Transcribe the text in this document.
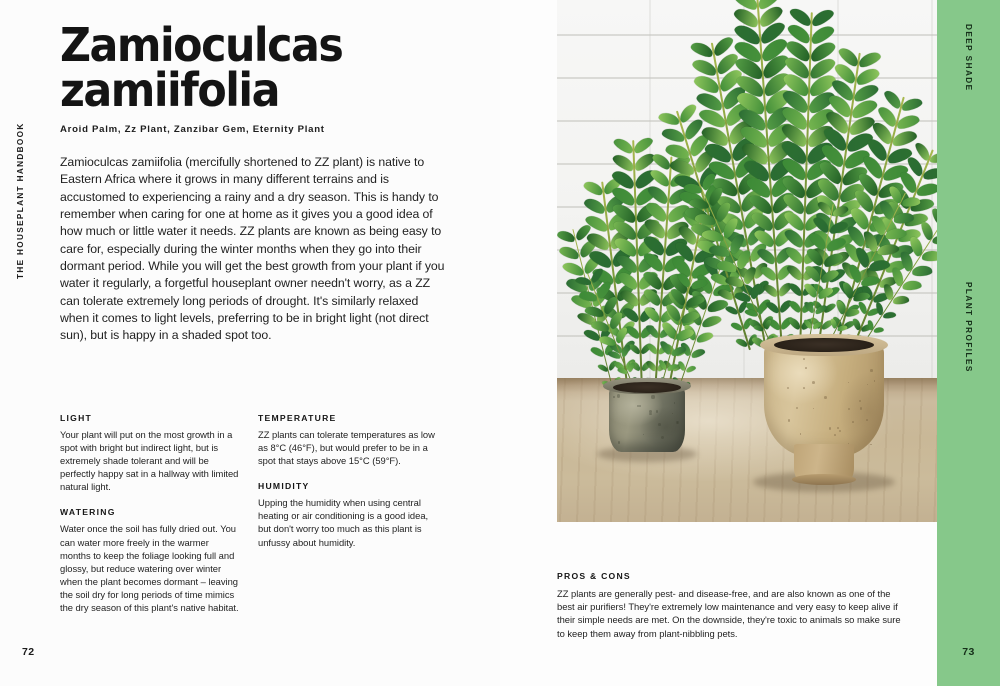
THE HOUSEPLANT HANDBOOK
72
Zamioculcas
zamiifolia
Aroid Palm, Zz Plant, Zanzibar Gem, Eternity Plant
Zamioculcas zamiifolia (mercifully shortened to ZZ plant) is native to Eastern Africa where it grows in many different terrains and is accustomed to experiencing a rainy and a dry season. This is handy to remember when caring for one at home as it gives you a good idea of how much or little water it needs. ZZ plants are known as being easy to care for, especially during the winter months when they go into their dormant period. While you will get the best growth from your plant if you water it regularly, a forgetful houseplant owner needn't worry, as a ZZ can tolerate extremely long periods of drought. It's similarly relaxed when it comes to light levels, preferring to be in bright light (not direct sun), but is happy in a shaded spot too.

LIGHT

Your plant will put on the most growth in a spot with bright but indirect light, but is extremely shade tolerant and will be perfectly happy sat in a hallway with limited natural light.

WATERING

Water once the soil has fully dried out. You can water more freely in the warmer months to keep the foliage looking full and glossy, but reduce watering over winter when the plant becomes dormant – leaving the soil dry for long periods of time mimics the dry season of this plant's native habitat.

TEMPERATURE

ZZ plants can tolerate temperatures as low as 8°C (46°F), but would prefer to be in a spot that stays above 15°C (59°F).

HUMIDITY

Upping the humidity when using central heating or air conditioning is a good idea, but don't worry too much as this plant is unfussy about humidity.

PROS & CONS

ZZ plants are generally pest- and disease-free, and are also known as one of the best air purifiers! They're extremely low maintenance and very easy to keep alive if their simple needs are met. On the downside, they're toxic to animals so make sure to keep them away from plant-nibbling pets.

DEEP SHADE
PLANT PROFILES
73
